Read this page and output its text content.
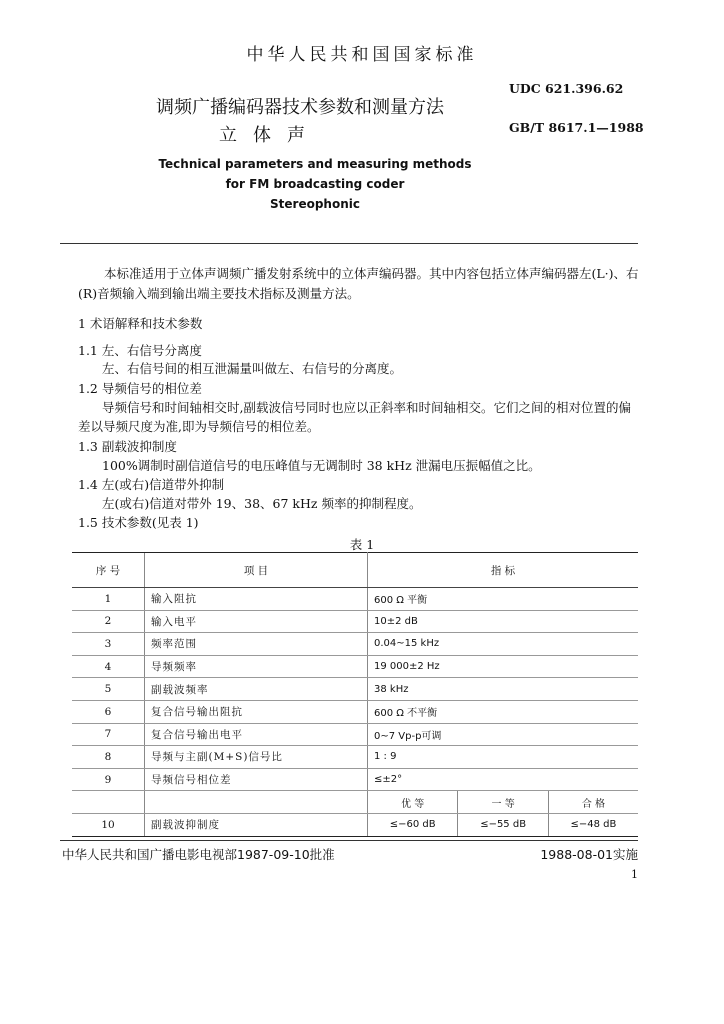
中华人民共和国国家标准
UDC 621.396.62
GB/T 8617.1—1988
调频广播编码器技术参数和测量方法
立体声
Technical parameters and measuring methods
for FM broadcasting coder
Stereophonic
本标准适用于立体声调频广播发射系统中的立体声编码器。其中内容包括立体声编码器左(L·)、右(R)音频输入端到输出端主要技术指标及测量方法。
1 术语解释和技术参数
1.1 左、右信号分离度
左、右信号间的相互泄漏量叫做左、右信号的分离度。
1.2 导频信号的相位差
导频信号和时间轴相交时,副载波信号同时也应以正斜率和时间轴相交。它们之间的相对位置的偏
差以导频尺度为准,即为导频信号的相位差。
1.3 副载波抑制度
100%调制时副信道信号的电压峰值与无调制时 38 kHz 泄漏电压振幅值之比。
1.4 左(或右)信道带外抑制
左(或右)信道对带外 19、38、67 kHz 频率的抑制程度。
1.5 技术参数(见表 1)
表 1
序 号	项 目	指 标		
1	输入阻抗	600 Ω 平衡		
2	输入电平	10±2 dB		
3	频率范围	0.04~15 kHz		
4	导频频率	19 000±2 Hz		
5	副载波频率	38 kHz		
6	复合信号输出阻抗	600 Ω 不平衡		
7	复合信号输出电平	0~7 Vp-p可调		
8	导频与主副(M+S)信号比	1 : 9		
9	导频信号相位差	≤±2°		
		优 等	一 等	合 格
10	副载波抑制度	≤−60 dB	≤−55 dB	≤−48 dB
中华人民共和国广播电影电视部1987-09-10批准	1988-08-01实施
1
